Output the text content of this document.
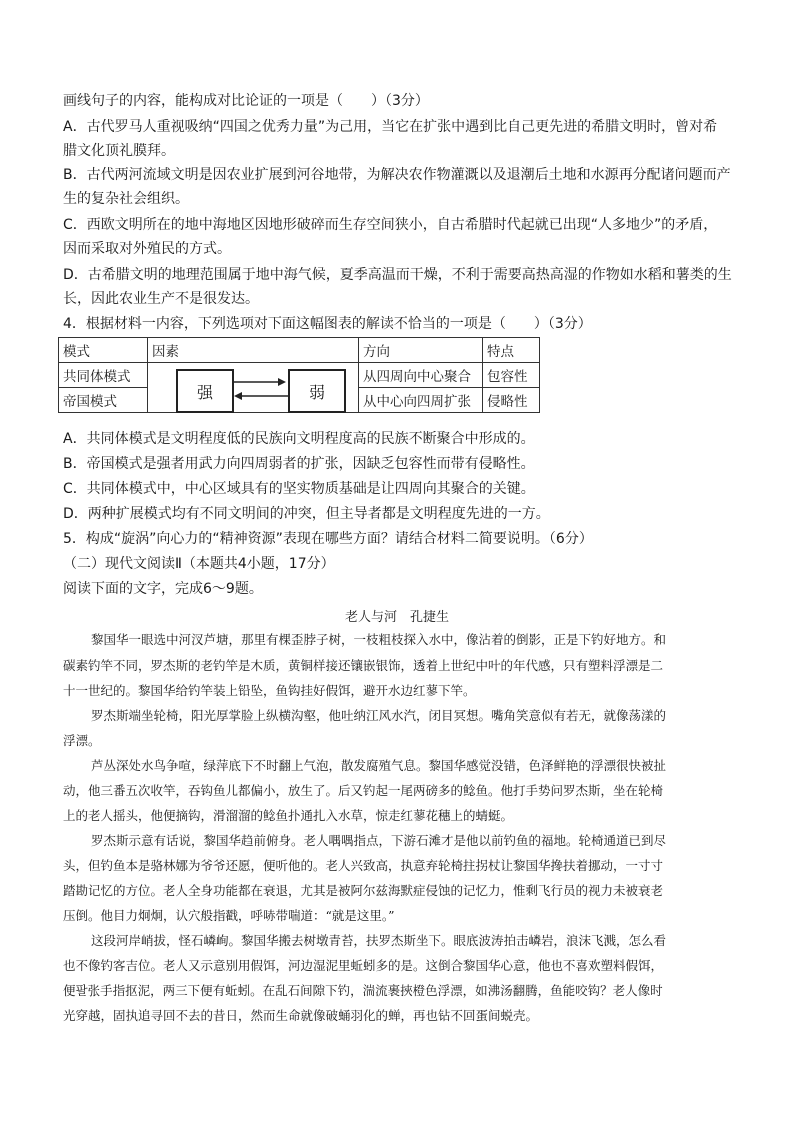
画线句子的内容，能构成对比论证的一项是（　　）（3分）
A．古代罗马人重视吸纳“四国之优秀力量”为己用，当它在扩张中遇到比自己更先进的希腊文明时，曾对希
腊文化顶礼膜拜。
B．古代两河流域文明是因农业扩展到河谷地带，为解决农作物灌溉以及退潮后土地和水源再分配诸问题而产
生的复杂社会组织。
C．西欧文明所在的地中海地区因地形破碎而生存空间狭小，自古希腊时代起就已出现“人多地少”的矛盾，
因而采取对外殖民的方式。
D．古希腊文明的地理范围属于地中海气候，夏季高温而干燥，不利于需要高热高湿的作物如水稻和薯类的生
长，因此农业生产不是很发达。
4．根据材料一内容，下列选项对下面这幅图表的解读不恰当的一项是（　　）（3分）
模式	因素	方向	特点
共同体模式	强 弱	从四周向中心聚合	包容性
帝国模式		从中心向四周扩张	侵略性
A．共同体模式是文明程度低的民族向文明程度高的民族不断聚合中形成的。
B．帝国模式是强者用武力向四周弱者的扩张，因缺乏包容性而带有侵略性。
C．共同体模式中，中心区域具有的坚实物质基础是让四周向其聚合的关键。
D．两种扩展模式均有不同文明间的冲突，但主导者都是文明程度先进的一方。
5．构成“旋涡”向心力的“精神资源”表现在哪些方面？请结合材料二简要说明。（6分）
（二）现代文阅读Ⅱ（本题共4小题，17分）
阅读下面的文字，完成6～9题。
老人与河　孔捷生
黎国华一眼选中河汊芦塘，那里有棵歪脖子树，一枝粗枝探入水中，像沾着的倒影，正是下钓好地方。和
碳素钓竿不同，罗杰斯的老钓竿是木质，黄铜样接还镶嵌银饰，透着上世纪中叶的年代感，只有塑料浮漂是二
十一世纪的。黎国华给钓竿装上铅坠，鱼钩挂好假饵，避开水边红蓼下竿。
罗杰斯端坐轮椅，阳光厚掌脸上纵横沟壑，他吐纳江风水汽，闭目冥想。嘴角笑意似有若无，就像荡漾的
浮漂。
芦丛深处水鸟争喧，绿萍底下不时翻上气泡，散发腐殖气息。黎国华感觉没错，色泽鲜艳的浮漂很快被扯
动，他三番五次收竿，吞钩鱼儿都偏小，放生了。后又钓起一尾两磅多的鲶鱼。他打手势问罗杰斯，坐在轮椅
上的老人摇头，他便摘钩，滑溜溜的鲶鱼扑通扎入水草，惊走红蓼花穗上的蜻蜓。
罗杰斯示意有话说，黎国华趋前俯身。老人喁喁指点，下游石滩才是他以前钓鱼的福地。轮椅通道已到尽
头，但钓鱼本是骆林娜为爷爷还愿，便听他的。老人兴致高，执意弃轮椅拄拐杖让黎国华搀扶着挪动，一寸寸
踏勘记忆的方位。老人全身功能都在衰退，尤其是被阿尔兹海默症侵蚀的记忆力，惟剩飞行员的视力未被衰老
压倒。他目力炯炯，认穴般指戳，呼哧带喘道：“就是这里。”
这段河岸峭拔，怪石嶙峋。黎国华搬去树墩青苔，扶罗杰斯坐下。眼底波涛拍击嶙岩，浪沫飞溅，怎么看
也不像钓客吉位。老人又示意别用假饵，河边湿泥里蚯蚓多的是。这倒合黎国华心意，他也不喜欢塑料假饵，
便팔张手指抠泥，两三下便有蚯蚓。在乱石间隙下钓，湍流裹挾橙色浮漂，如沸汤翻腾，鱼能咬钩？老人像时
光穿越，固执追寻回不去的昔日，然而生命就像破蛹羽化的蝉，再也钻不回蛋间蜕壳。
